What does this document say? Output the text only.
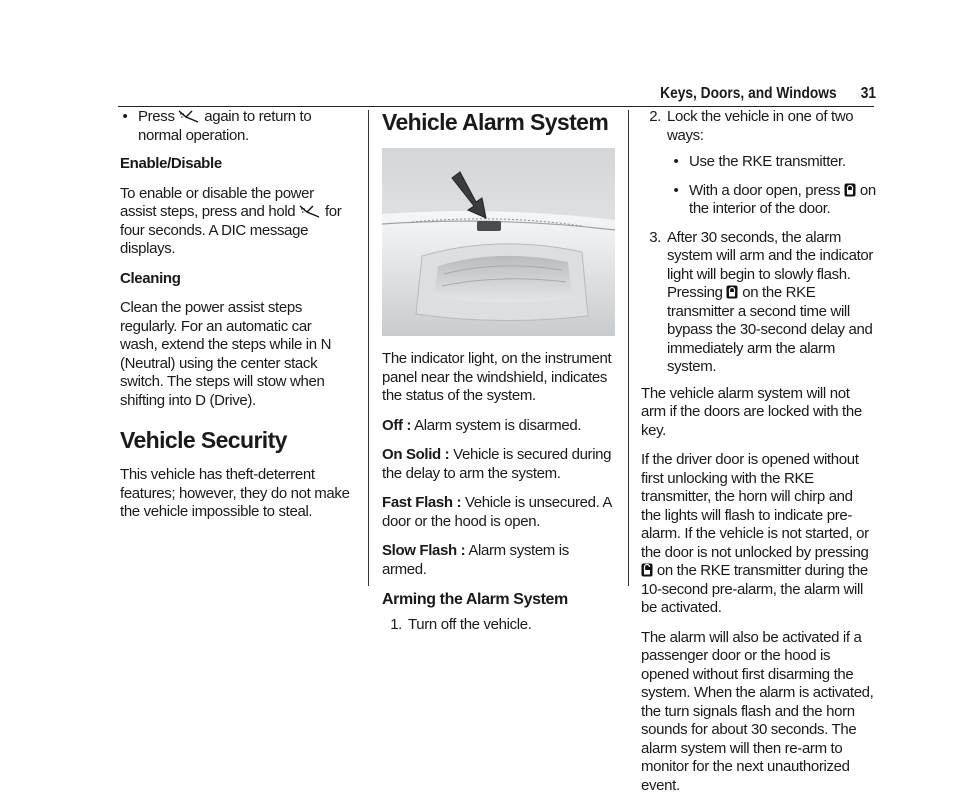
Keys, Doors, and Windows 31
• Press again to return to normal operation.

Enable/Disable

To enable or disable the power assist steps, press and hold for four seconds. A DIC message displays.

Cleaning

Clean the power assist steps regularly. For an automatic car wash, extend the steps while in N (Neutral) using the center stack switch. The steps will stow when shifting into D (Drive).

Vehicle Security

This vehicle has theft-deterrent features; however, they do not make the vehicle impossible to steal.

Vehicle Alarm System

The indicator light, on the instrument panel near the windshield, indicates the status of the system.

Off : Alarm system is disarmed.

On Solid : Vehicle is secured during the delay to arm the system.

Fast Flash : Vehicle is unsecured. A door or the hood is open.

Slow Flash : Alarm system is armed.

Arming the Alarm System
1. Turn off the vehicle.
2. Lock the vehicle in one of two ways:
• Use the RKE transmitter.
• With a door open, press on the interior of the door.
3. After 30 seconds, the alarm system will arm and the indicator light will begin to slowly flash. Pressing on the RKE transmitter a second time will bypass the 30-second delay and immediately arm the alarm system.

The vehicle alarm system will not arm if the doors are locked with the key.

If the driver door is opened without first unlocking with the RKE transmitter, the horn will chirp and the lights will flash to indicate pre-alarm. If the vehicle is not started, or the door is not unlocked by pressing
on the RKE transmitter during the 10-second pre-alarm, the alarm will be activated.

The alarm will also be activated if a passenger door or the hood is opened without first disarming the system. When the alarm is activated, the turn signals flash and the horn sounds for about 30 seconds. The alarm system will then re-arm to monitor for the next unauthorized event.
